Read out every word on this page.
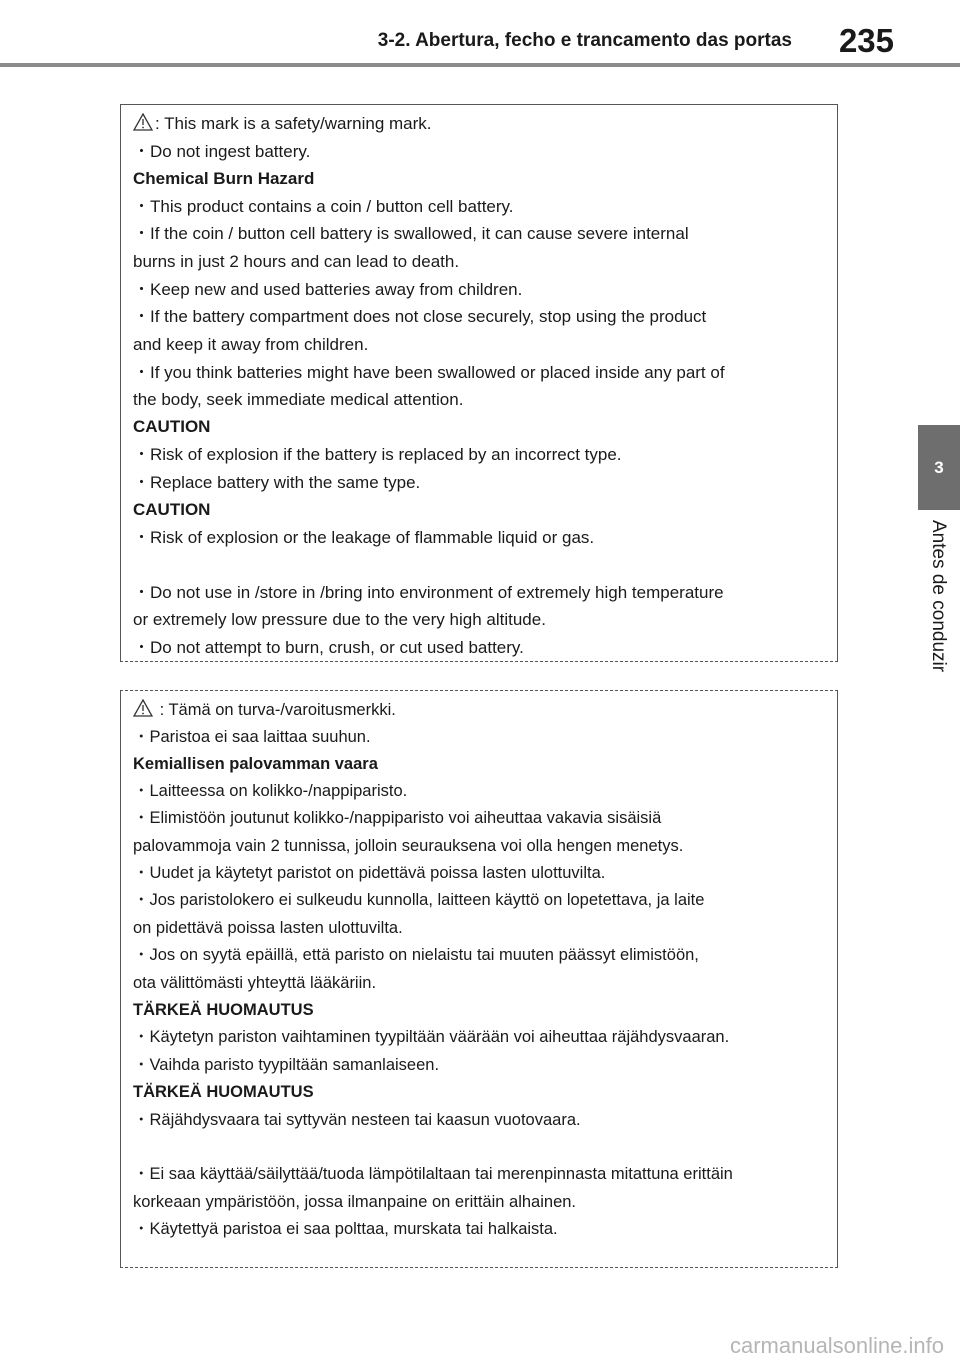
3-2. Abertura, fecho e trancamento das portas 235
3
Antes de conduzir
: This mark is a safety/warning mark.
・Do not ingest battery.
Chemical Burn Hazard
・This product contains a coin / button cell battery.
・If the coin / button cell battery is swallowed, it can cause severe internal
burns in just 2 hours and can lead to death.
・Keep new and used batteries away from children.
・If the battery compartment does not close securely, stop using the product
and keep it away from children.
・If you think batteries might have been swallowed or placed inside any part of
the body, seek immediate medical attention.
CAUTION
・Risk of explosion if the battery is replaced by an incorrect type.
・Replace battery with the same type.
CAUTION
・Risk of explosion or the leakage of flammable liquid or gas.
・Do not use in /store in /bring into environment of extremely high temperature
or extremely low pressure due to the very high altitude.
・Do not attempt to burn, crush, or cut used battery.
: Tämä on turva-/varoitusmerkki.
・Paristoa ei saa laittaa suuhun.
Kemiallisen palovamman vaara
・Laitteessa on kolikko-/nappiparisto.
・Elimistöön joutunut kolikko-/nappiparisto voi aiheuttaa vakavia sisäisiä
palovammoja vain 2 tunnissa, jolloin seurauksena voi olla hengen menetys.
・Uudet ja käytetyt paristot on pidettävä poissa lasten ulottuvilta.
・Jos paristolokero ei sulkeudu kunnolla, laitteen käyttö on lopetettava, ja laite
on pidettävä poissa lasten ulottuvilta.
・Jos on syytä epäillä, että paristo on nielaistu tai muuten päässyt elimistöön,
ota välittömästi yhteyttä lääkäriin.
TÄRKEÄ HUOMAUTUS
・Käytetyn pariston vaihtaminen tyypiltään väärään voi aiheuttaa räjähdysvaaran.
・Vaihda paristo tyypiltään samanlaiseen.
TÄRKEÄ HUOMAUTUS
・Räjähdysvaara tai syttyvän nesteen tai kaasun vuotovaara.
・Ei saa käyttää/säilyttää/tuoda lämpötilaltaan tai merenpinnasta mitattuna erittäin
korkeaan ympäristöön, jossa ilmanpaine on erittäin alhainen.
・Käytettyä paristoa ei saa polttaa, murskata tai halkaista.
carmanualsonline.info
